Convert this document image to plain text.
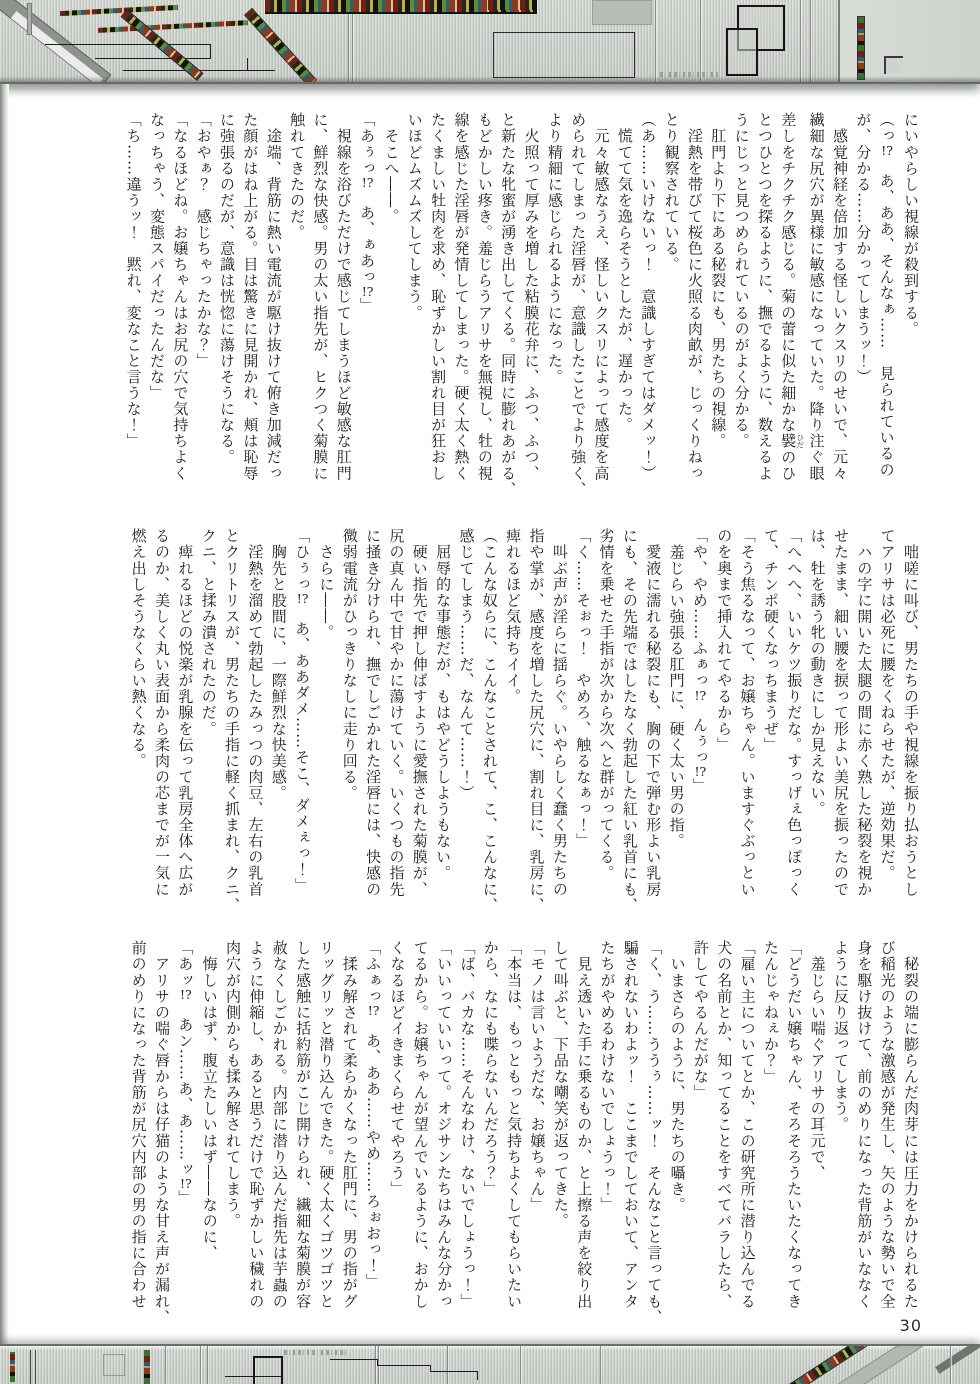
にいやらしい視線が殺到する。

（っ!?　あ、ああ、そんなぁ……　見られているの

が、分かる……分かってしまうッ！）

　感覚神経を倍加する怪しいクスリのせいで、元々

繊細な尻穴が異様に敏感になっていた。降り注ぐ眼

差しをチクチク感じる。菊の蕾に似た細かな襞ひだのひ

とつひとつを探るように、撫でるように、数えるよ

うにじっと見つめられているのがよく分かる。

　肛門より下にある秘裂にも、男たちの視線。

　淫熱を帯びて桜色に火照る肉畝が、じっくりねっ

とり観察されている。

（あ……いけないっ！　意識しすぎてはダメッ！）

　慌てて気を逸らそうとしたが、遅かった。

　元々敏感なうえ、怪しいクスリによって感度を高

められてしまった淫唇が、意識したことでより強く、

より精細に感じられるようになった。

　火照って厚みを増した粘膜花弁に、ふつ、ふつ、

と新たな牝蜜が湧き出してくる。同時に膨れあがる、

もどかしい疼き。羞じらうアリサを無視し、牡の視

線を感じた淫唇が発情してしまった。硬く太く熱く

たくましい牡肉を求め、恥ずかしい割れ目が狂おし

いほどムズムズしてしまう。

　そこへ――。

「あぅっ!?　あ、ぁあっ!?」

　視線を浴びただけで感じてしまうほど敏感な肛門

に、鮮烈な快感。男の太い指先が、ヒクつく菊膜に

触れてきたのだ。

　途端、背筋に熱い電流が駆け抜けて俯き加減だっ

た顔がはね上がる。目は驚きに見開かれ、頬は恥辱

に強張るのだが、意識は恍惚に蕩けそうになる。

「おやぁ？　感じちゃったかな？」

「なるほどね。お嬢ちゃんはお尻の穴で気持ちよく

なっちゃう、変態スパイだったんだな」

「ち……違うッ！　黙れ、変なこと言うな！」

　咄嗟に叫び、男たちの手や視線を振り払おうとし

てアリサは必死に腰をくねらせたが、逆効果だ。

　ハの字に開いた太腿の間に赤く熟した秘裂を視か

せたまま、細い腰を捩って形よい美尻を振ったので

は、牡を誘う牝の動きにしか見えない。

「へへへ、いいケツ振りだな。すっげぇ色っぽっく

て、チンポ硬くなっちまうぜ」

「そう焦るなって、お嬢ちゃん。いますぐぶっとい

のを奥まで挿入れてやるから」

「や、やめ……ふぁっ!?　んぅっ!?」

　羞じらい強張る肛門に、硬く太い男の指。

　愛液に濡れる秘裂にも、胸の下で弾む形よい乳房

にも、その先端ではしたなく勃起した紅い乳首にも、

劣情を乗せた手指が次から次へと群がってくる。

「く……そぉっ！　やめろ、触るなぁっ！」

　叫ぶ声が淫らに揺らぐ。いやらしく蠢く男たちの

指や掌が、感度を増した尻穴に、割れ目に、乳房に、

痺れるほど気持ちイイ。

（こんな奴らに、こんなことされて、こ、こんなに、

感じてしまう……だ、なんて……！）

　屈辱的な事態だが、もはやどうしようもない。

　硬い指先で押し伸ばすように愛撫された菊膜が、

尻の真ん中で甘やかに蕩けていく。いくつもの指先

に掻き分けられ、撫でしごかれた淫唇には、快感の

微弱電流がひっきりなしに走り回る。

　さらに――。

「ひぅっ!?　あ、ああダメ……そこ、ダメぇっ！」

　胸先と股間に、一際鮮烈な快美感。

　淫熱を溜めて勃起したみっつの肉豆、左右の乳首

とクリトリスが、男たちの手指に軽く抓まれ、クニ、

クニ、と揉み潰されたのだ。

　痺れるほどの悦楽が乳腺を伝って乳房全体へ広が

るのか、美しく丸い表面から柔肉の芯までが一気に

燃え出しそうなくらい熱くなる。

　秘裂の端に膨らんだ肉芽には圧力をかけられるた

び稲光のような激感が発生し、矢のような勢いで全

身を駆け抜けて、前のめりになった背筋がいななく

ように反り返ってしまう。

　羞じらい喘ぐアリサの耳元で、

「どうだい嬢ちゃん、そろそろうたいたくなってき

たんじゃねぇか？」

「雇い主についてとか、この研究所に潜り込んでる

犬の名前とか、知ってることをすべてバラしたら、

許してやるんだがな」

　いまさらのように、男たちの囁き。

「く、う……ううぅ……ッ！　そんなこと言っても、

騙されないわよッ！　ここまでしておいて、アンタ

たちがやめるわけないでしょうっ！」

　見え透いた手に乗るものか、と上擦る声を絞り出

して叫ぶと、下品な嘲笑が返ってきた。

「モノは言いようだな、お嬢ちゃん」

「本当は、もっともっと気持ちよくしてもらいたい

から、なにも喋らないんだろう？」

「ば、バカな……そんなわけ、ないでしょうっ！」

「いいっていいって。オジサンたちはみんな分かっ

てるから。お嬢ちゃんが望んでいるように、おかし

くなるほどイきまくらせてやろう」

「ふぁっ!?　あ、ああ……やめ……ろぉおっ！」

　揉み解されて柔らかくなった肛門に、男の指がグ

リッグリッと潜り込んできた。硬く太くゴツゴツと

した感触に括約筋がこじ開けられ、繊細な菊膜が容

赦なくしごかれる。内部に潜り込んだ指先は芋蟲の

ように伸縮し、あると思うだけで恥ずかしい穢れの

肉穴が内側からも揉み解されてしまう。

　悔しいはず、腹立たしいはず――なのに、

「あッ!?　あン……あ、あ……ッ!?」

　アリサの喘ぐ唇からは仔猫のような甘え声が漏れ、

前のめりになった背筋が尻穴内部の男の指に合わせ

30
